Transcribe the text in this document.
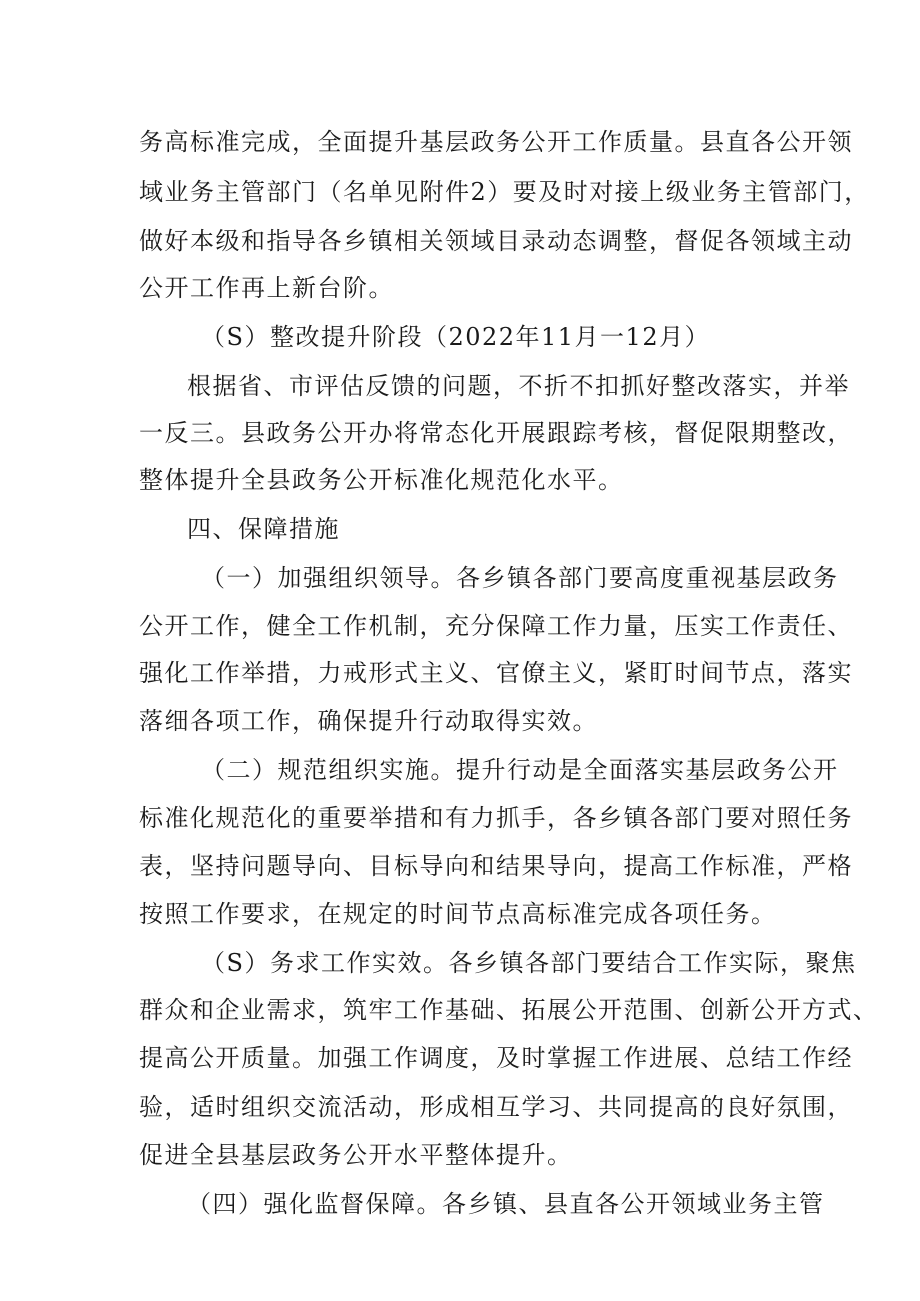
务高标准完成，全面提升基层政务公开工作质量。县直各公开领
域业务主管部门（名单见附件2）要及时对接上级业务主管部门，
做好本级和指导各乡镇相关领域目录动态调整，督促各领域主动
公开工作再上新台阶。
（S）整改提升阶段（2022年11月一12月）
根据省、市评估反馈的问题，不折不扣抓好整改落实，并举
一反三。县政务公开办将常态化开展跟踪考核，督促限期整改，
整体提升全县政务公开标准化规范化水平。
四、保障措施
（一）加强组织领导。各乡镇各部门要高度重视基层政务
公开工作，健全工作机制，充分保障工作力量，压实工作责任、
强化工作举措，力戒形式主义、官僚主义，紧盯时间节点，落实
落细各项工作，确保提升行动取得实效。
（二）规范组织实施。提升行动是全面落实基层政务公开
标准化规范化的重要举措和有力抓手，各乡镇各部门要对照任务
表，坚持问题导向、目标导向和结果导向，提高工作标准，严格
按照工作要求，在规定的时间节点高标准完成各项任务。
（S）务求工作实效。各乡镇各部门要结合工作实际，聚焦
群众和企业需求，筑牢工作基础、拓展公开范围、创新公开方式、
提高公开质量。加强工作调度，及时掌握工作进展、总结工作经
验，适时组织交流活动，形成相互学习、共同提高的良好氛围，
促进全县基层政务公开水平整体提升。
（四）强化监督保障。各乡镇、县直各公开领域业务主管
